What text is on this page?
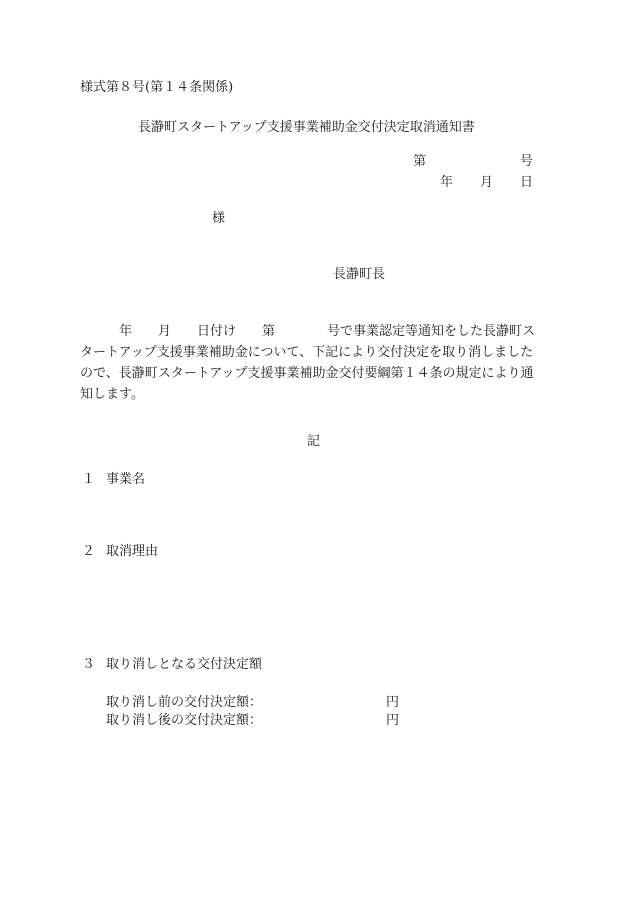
様式第８号(第１４条関係)
長瀞町スタートアップ支援事業補助金交付決定取消通知書
第	号
年 月 日
様
長瀞町長
　　　年　　月　　日付け　　第　　　　号で事業認定等通知をした長瀞町ス
タートアップ支援事業補助金について、下記により交付決定を取り消しました
ので、長瀞町スタートアップ支援事業補助金交付要綱第１４条の規定により通
知します。
記
１ 事業名
２ 取消理由
３ 取り消しとなる交付決定額
取り消し前の交付決定額：	円
取り消し後の交付決定額：	円
